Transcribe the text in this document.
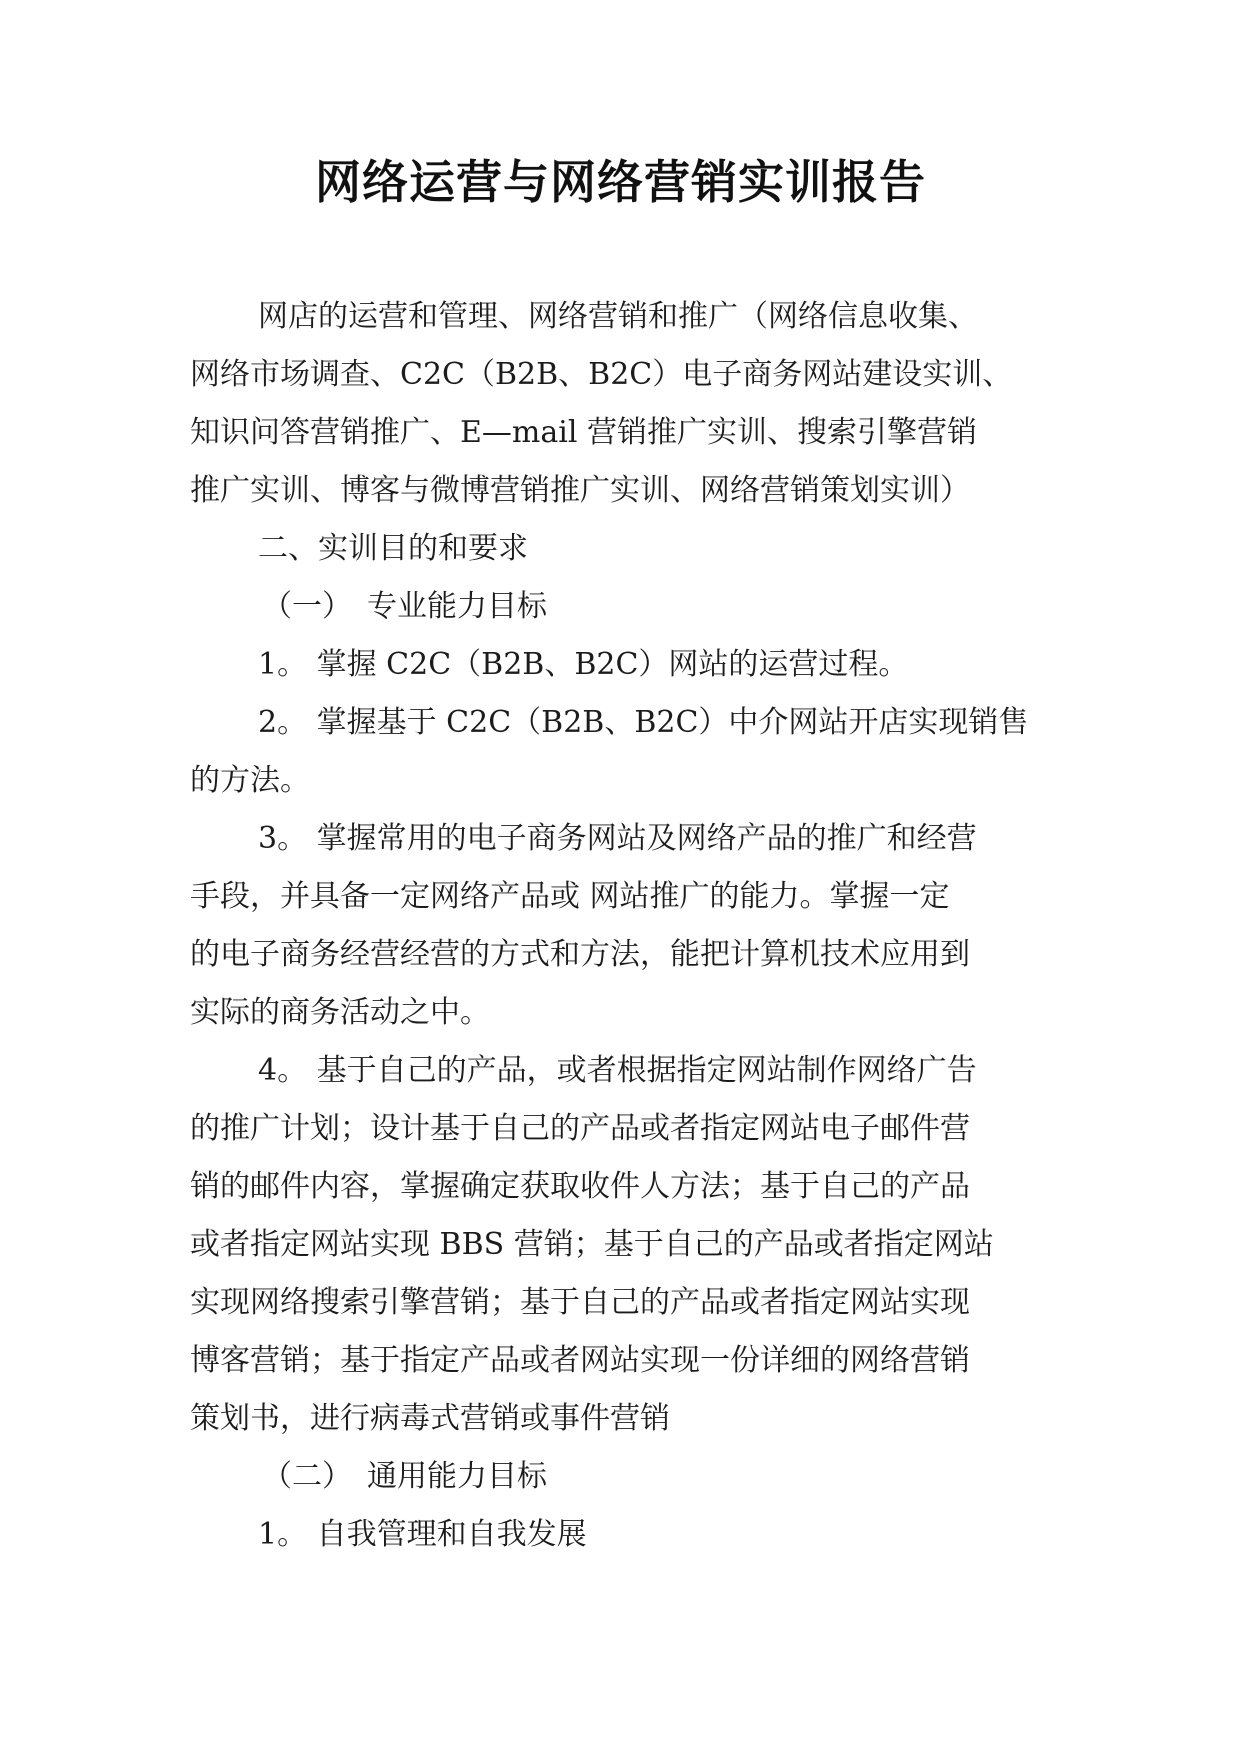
网络运营与网络营销实训报告
网店的运营和管理、网络营销和推广（网络信息收集、
网络市场调查、C2C（B2B、B2C）电子商务网站建设实训、
知识问答营销推广、E—mail 营销推广实训、搜索引擎营销
推广实训、博客与微博营销推广实训、网络营销策划实训）
二、实训目的和要求
（一）　专业能力目标
1。 掌握 C2C（B2B、B2C）网站的运营过程。
2。 掌握基于 C2C（B2B、B2C）中介网站开店实现销售
的方法。
3。 掌握常用的电子商务网站及网络产品的推广和经营
手段，并具备一定网络产品或 网站推广的能力。掌握一定
的电子商务经营经营的方式和方法，能把计算机技术应用到
实际的商务活动之中。
4。 基于自己的产品，或者根据指定网站制作网络广告
的推广计划；设计基于自己的产品或者指定网站电子邮件营
销的邮件内容，掌握确定获取收件人方法；基于自己的产品
或者指定网站实现 BBS 营销；基于自己的产品或者指定网站
实现网络搜索引擎营销；基于自己的产品或者指定网站实现
博客营销；基于指定产品或者网站实现一份详细的网络营销
策划书，进行病毒式营销或事件营销
（二）　通用能力目标
1。 自我管理和自我发展
